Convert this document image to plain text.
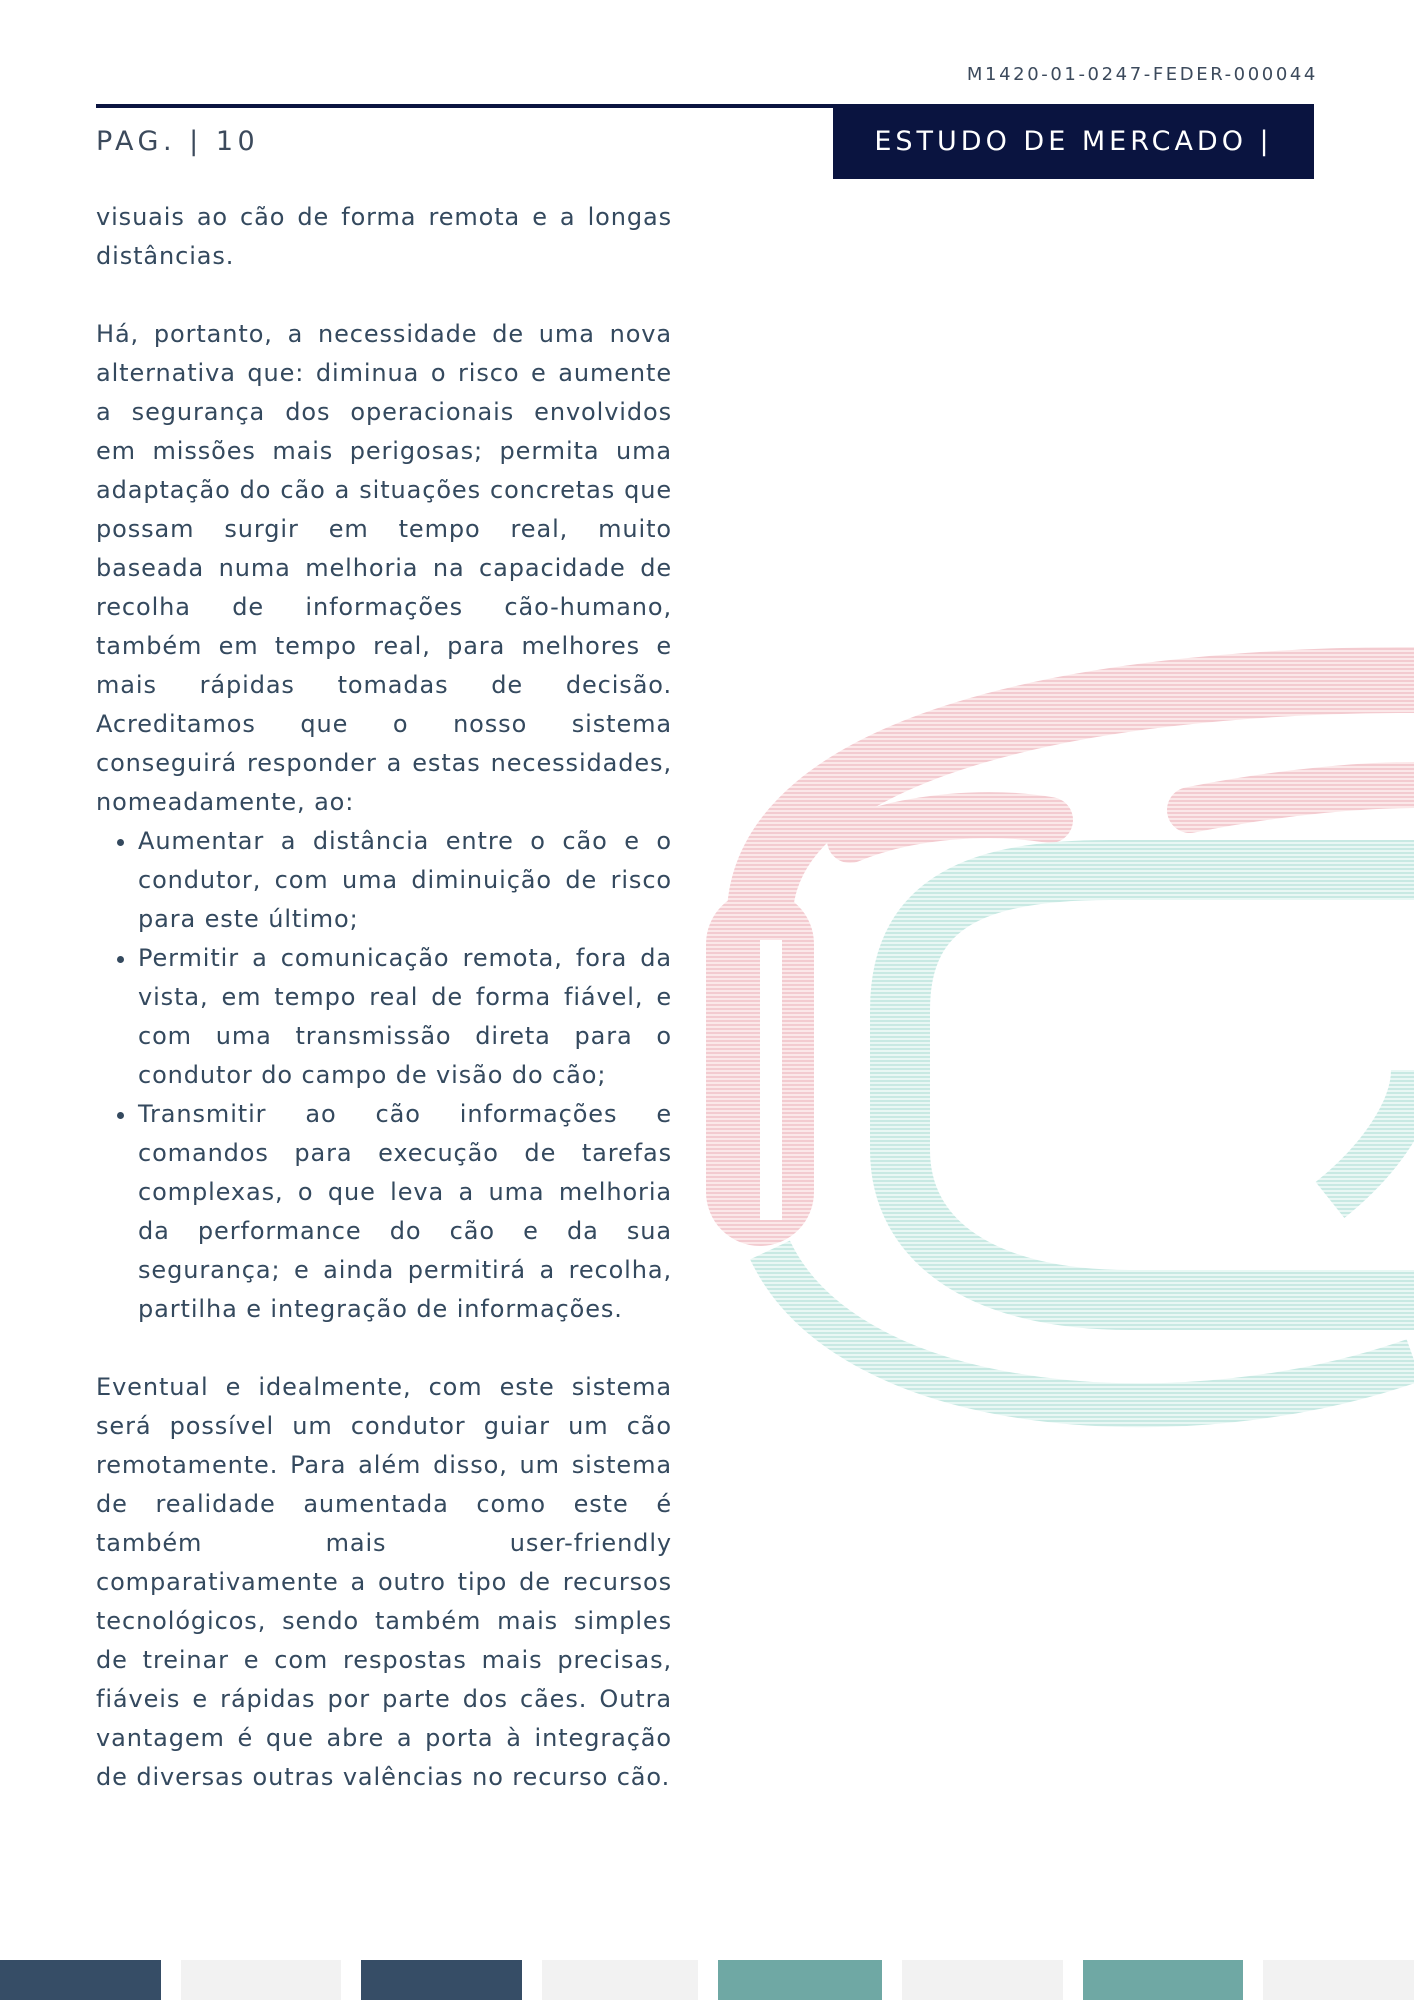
M1420-01-0247-FEDER-000044
PAG. | 10	ESTUDO DE MERCADO |

visuais ao cão de forma remota e a longas distâncias.

Há, portanto, a necessidade de uma nova alternativa que: diminua o risco e aumente a segurança dos operacionais envolvidos em missões mais perigosas; permita uma adaptação do cão a situações concretas que possam surgir em tempo real, muito baseada numa melhoria na capacidade de recolha de informações cão-humano, também em tempo real, para melhores e mais rápidas tomadas de decisão. Acreditamos que o nosso sistema conseguirá responder a estas necessidades, nomeadamente, ao:

• Aumentar a distância entre o cão e o condutor, com uma diminuição de risco para este último;
• Permitir a comunicação remota, fora da vista, em tempo real de forma fiável, e com uma transmissão direta para o condutor do campo de visão do cão;
• Transmitir ao cão informações e comandos para execução de tarefas complexas, o que leva a uma melhoria da performance do cão e da sua segurança; e ainda permitirá a recolha, partilha e integração de informações.

Eventual e idealmente, com este sistema será possível um condutor guiar um cão remotamente. Para além disso, um sistema de realidade aumentada como este é também mais user-friendly comparativamente a outro tipo de recursos tecnológicos, sendo também mais simples de treinar e com respostas mais precisas, fiáveis e rápidas por parte dos cães. Outra vantagem é que abre a porta à integração de diversas outras valências no recurso cão.
